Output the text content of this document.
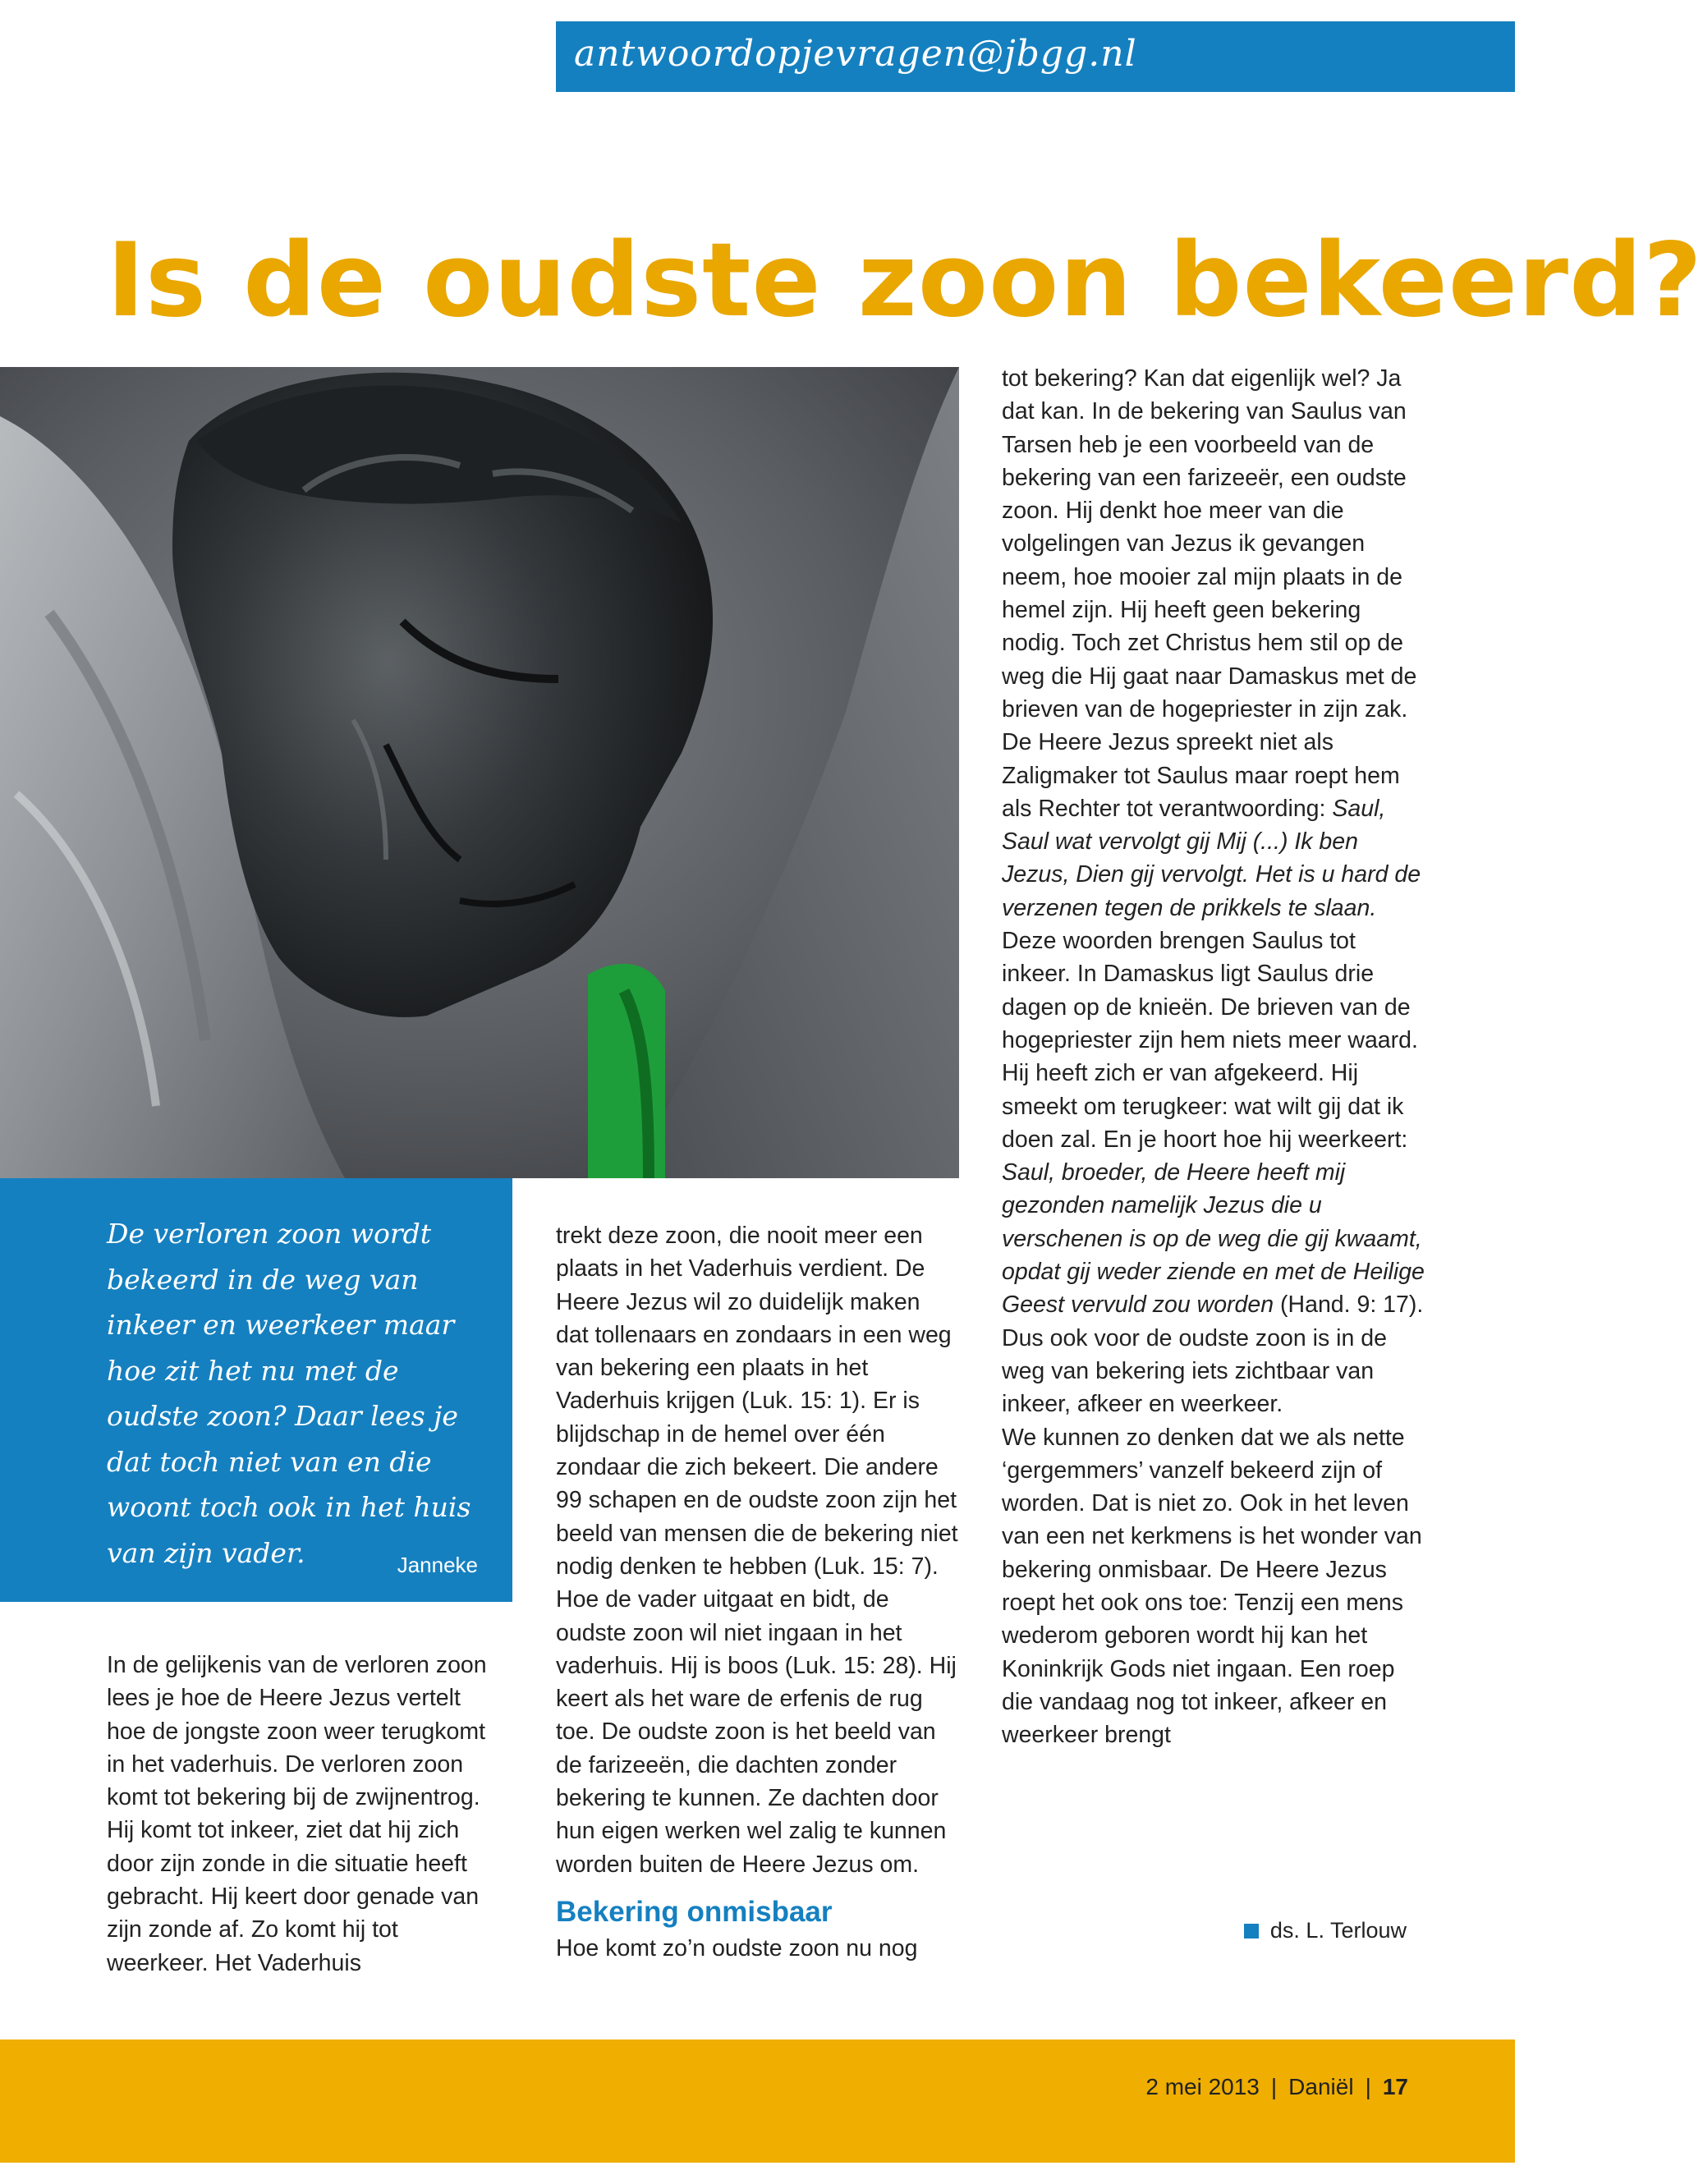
antwoordopjevragen@jbgg.nl
Is de oudste zoon bekeerd?

De verloren zoon wordt bekeerd in de weg van inkeer en weerkeer maar hoe zit het nu met de oudste zoon? Daar lees je dat toch niet van en die woont toch ook in het huis van zijn vader.	Janneke

In de gelijkenis van de verloren zoon lees je hoe de Heere Jezus vertelt hoe de jongste zoon weer terugkomt in het vaderhuis. De verloren zoon komt tot bekering bij de zwijnentrog. Hij komt tot inkeer, ziet dat hij zich door zijn zonde in die situatie heeft gebracht. Hij keert door genade van zijn zonde af. Zo komt hij tot weerkeer. Het Vaderhuis

trekt deze zoon, die nooit meer een plaats in het Vaderhuis verdient. De Heere Jezus wil zo duidelijk maken dat tollenaars en zondaars in een weg van bekering een plaats in het Vaderhuis krijgen (Luk. 15: 1). Er is blijdschap in de hemel over één zondaar die zich bekeert. Die andere 99 schapen en de oudste zoon zijn het beeld van mensen die de bekering niet nodig denken te hebben (Luk. 15: 7). Hoe de vader uitgaat en bidt, de oudste zoon wil niet ingaan in het vaderhuis. Hij is boos (Luk. 15: 28). Hij keert als het ware de erfenis de rug toe. De oudste zoon is het beeld van de farizeeën, die dachten zonder bekering te kunnen. Ze dachten door hun eigen werken wel zalig te kunnen worden buiten de Heere Jezus om.

Bekering onmisbaar

Hoe komt zo’n oudste zoon nu nog

tot bekering? Kan dat eigenlijk wel? Ja dat kan. In de bekering van Saulus van Tarsen heb je een voorbeeld van de bekering van een farizeeër, een oudste zoon. Hij denkt hoe meer van die volgelingen van Jezus ik gevangen neem, hoe mooier zal mijn plaats in de hemel zijn. Hij heeft geen bekering nodig. Toch zet Christus hem stil op de weg die Hij gaat naar Damaskus met de brieven van de hogepriester in zijn zak. De Heere Jezus spreekt niet als Zaligmaker tot Saulus maar roept hem als Rechter tot verantwoording: Saul, Saul wat vervolgt gij Mij (...) Ik ben Jezus, Dien gij vervolgt. Het is u hard de verzenen tegen de prikkels te slaan. Deze woorden brengen Saulus tot inkeer. In Damaskus ligt Saulus drie dagen op de knieën. De brieven van de hogepriester zijn hem niets meer waard. Hij heeft zich er van afgekeerd. Hij smeekt om terugkeer: wat wilt gij dat ik doen zal. En je hoort hoe hij weerkeert: Saul, broeder, de Heere heeft mij gezonden namelijk Jezus die u verschenen is op de weg die gij kwaamt, opdat gij weder ziende en met de Heilige Geest vervuld zou worden (Hand. 9: 17). Dus ook voor de oudste zoon is in de weg van bekering iets zichtbaar van inkeer, afkeer en weerkeer.

We kunnen zo denken dat we als nette ‘gergemmers’ vanzelf bekeerd zijn of worden. Dat is niet zo. Ook in het leven van een net kerkmens is het wonder van bekering onmisbaar. De Heere Jezus roept het ook ons toe: Tenzij een mens wederom geboren wordt hij kan het Koninkrijk Gods niet ingaan. Een roep die vandaag nog tot inkeer, afkeer en weerkeer brengt

ds. L. Terlouw
2 mei 2013 | Daniël | 17
